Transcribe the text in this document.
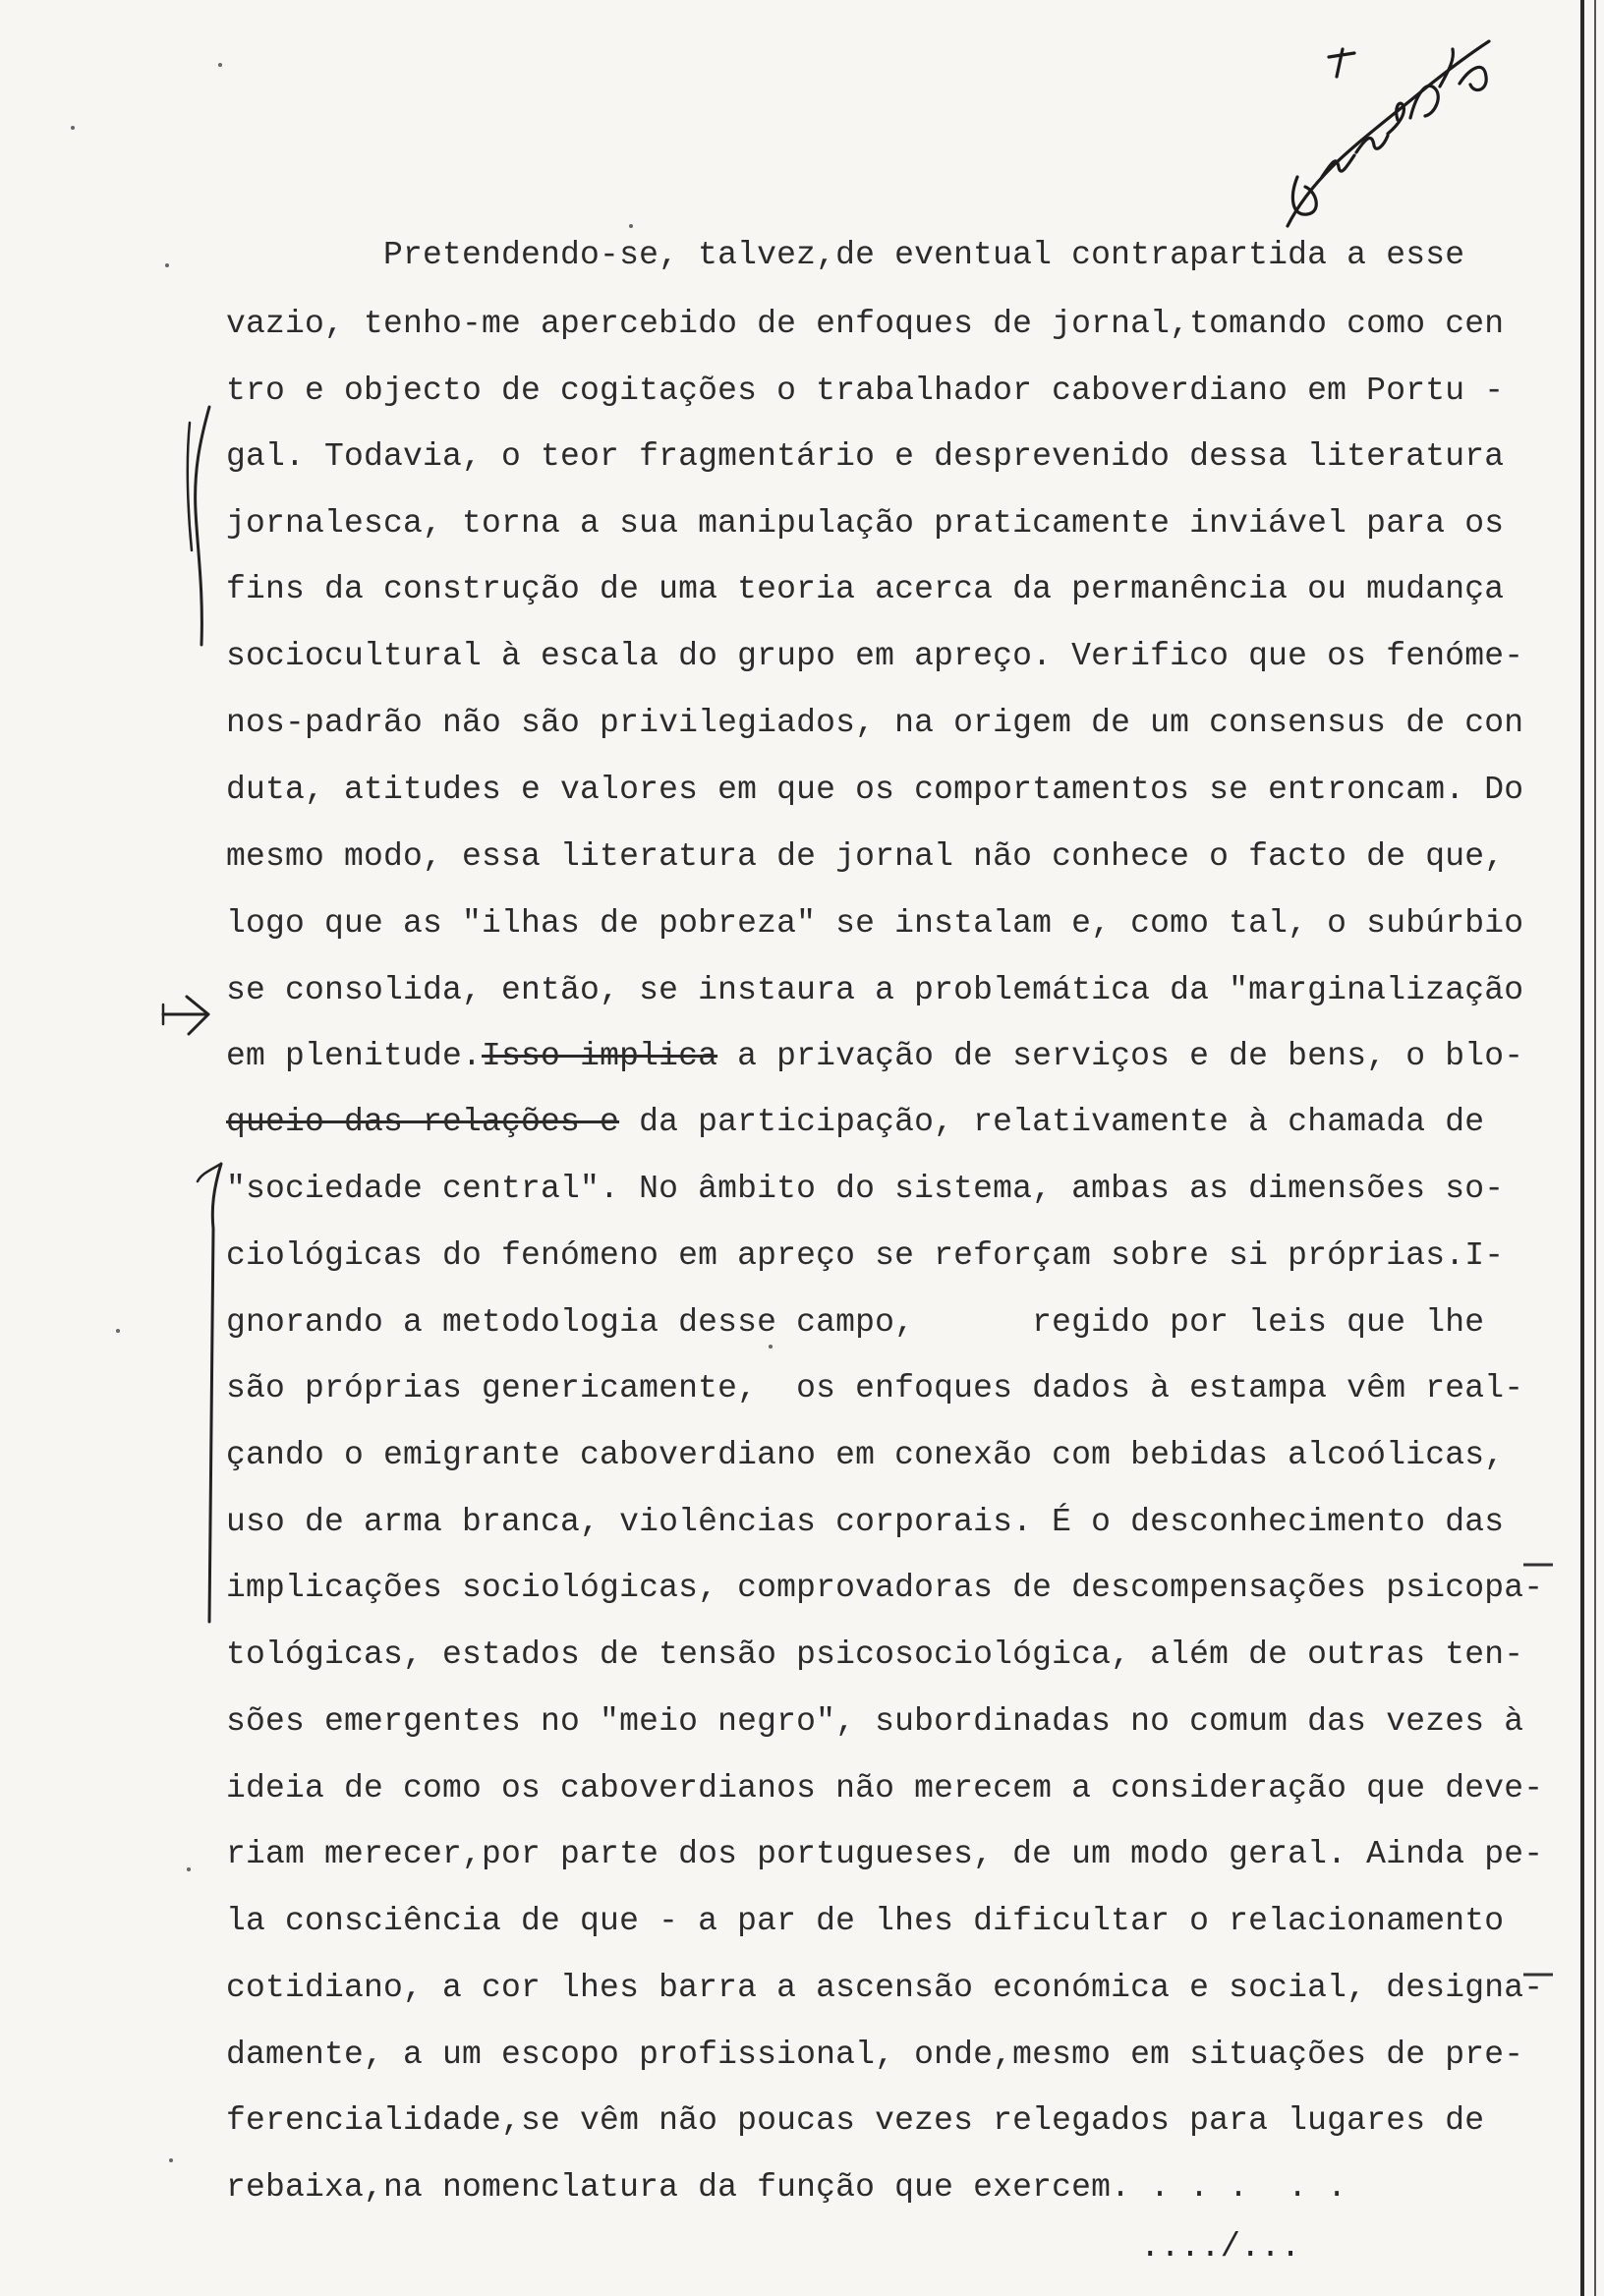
Pretendendo-se, talvez,de eventual contrapartida a esse
vazio, tenho-me apercebido de enfoques de jornal,tomando como cen
tro e objecto de cogitações o trabalhador caboverdiano em Portu -
gal. Todavia, o teor fragmentário e desprevenido dessa literatura
jornalesca, torna a sua manipulação praticamente inviável para os
fins da construção de uma teoria acerca da permanência ou mudança
sociocultural à escala do grupo em apreço. Verifico que os fenóme-
nos-padrão não são privilegiados, na origem de um consensus de con
duta, atitudes e valores em que os comportamentos se entroncam. Do
mesmo modo, essa literatura de jornal não conhece o facto de que,
logo que as "ilhas de pobreza" se instalam e, como tal, o subúrbio
se consolida, então, se instaura a problemática da "marginalização
em plenitude.Isso implica a privação de serviços e de bens, o blo-
queio das relações e da participação, relativamente à chamada de
"sociedade central". No âmbito do sistema, ambas as dimensões so-
ciológicas do fenómeno em apreço se reforçam sobre si próprias.I-
gnorando a metodologia desse campo,      regido por leis que lhe
são próprias genericamente,  os enfoques dados à estampa vêm real-
çando o emigrante caboverdiano em conexão com bebidas alcoólicas,
uso de arma branca, violências corporais. É o desconhecimento das
implicações sociológicas, comprovadoras de descompensações psicopa-
tológicas, estados de tensão psicosociológica, além de outras ten-
sões emergentes no "meio negro", subordinadas no comum das vezes à
ideia de como os caboverdianos não merecem a consideração que deve-
riam merecer,por parte dos portugueses, de um modo geral. Ainda pe-
la consciência de que - a par de lhes dificultar o relacionamento
cotidiano, a cor lhes barra a ascensão económica e social, designa-
damente, a um escopo profissional, onde,mesmo em situações de pre-
ferencialidade,se vêm não poucas vezes relegados para lugares de
rebaixa,na nomenclatura da função que exercem. . . .  . .
..../...
